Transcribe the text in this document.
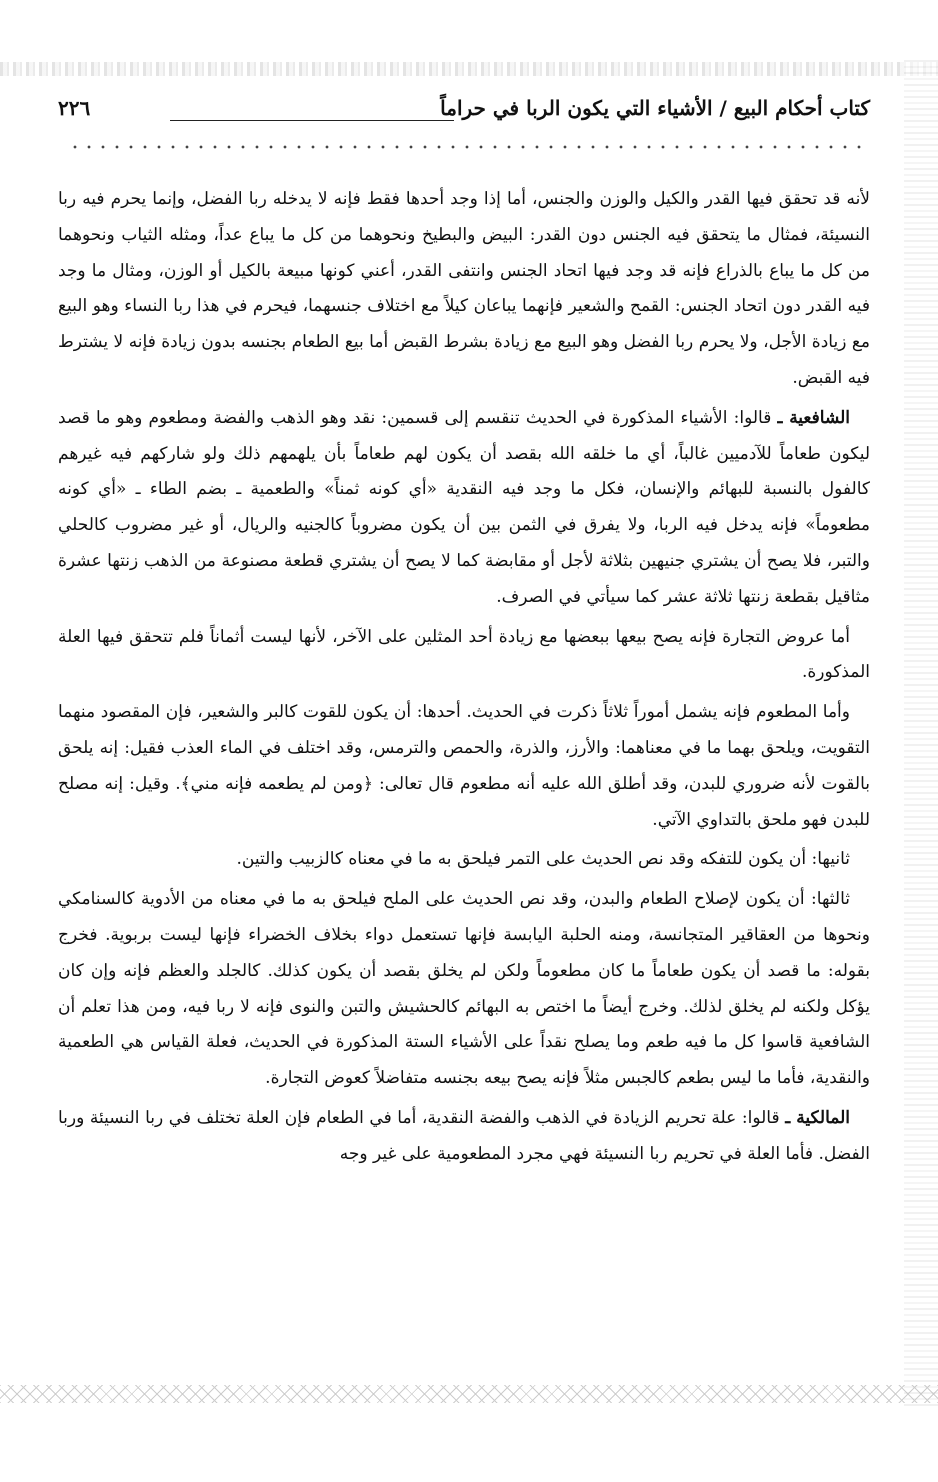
كتاب أحكام البيع / الأشياء التي يكون الربا في حراماً
٢٢٦

لأنه قد تحقق فيها القدر والكيل والوزن والجنس، أما إذا وجد أحدها فقط فإنه لا يدخله ربا الفضل، وإنما يحرم فيه ربا النسيئة، فمثال ما يتحقق فيه الجنس دون القدر: البيض والبطيخ ونحوهما من كل ما يباع عداً، ومثله الثياب ونحوهما من كل ما يباع بالذراع فإنه قد وجد فيها اتحاد الجنس وانتفى القدر، أعني كونها مبيعة بالكيل أو الوزن، ومثال ما وجد فيه القدر دون اتحاد الجنس: القمح والشعير فإنهما يباعان كيلاً مع اختلاف جنسهما، فيحرم في هذا ربا النساء وهو البيع مع زيادة الأجل، ولا يحرم ربا الفضل وهو البيع مع زيادة بشرط القبض أما بيع الطعام بجنسه بدون زيادة فإنه لا يشترط فيه القبض.

الشافعية ـ قالوا: الأشياء المذكورة في الحديث تنقسم إلى قسمين: نقد وهو الذهب والفضة ومطعوم وهو ما قصد ليكون طعاماً للآدميين غالباً، أي ما خلقه الله بقصد أن يكون لهم طعاماً بأن يلهمهم ذلك ولو شاركهم فيه غيرهم كالفول بالنسبة للبهائم والإنسان، فكل ما وجد فيه النقدية «أي كونه ثمناً» والطعمية ـ بضم الطاء ـ «أي كونه مطعوماً» فإنه يدخل فيه الربا، ولا يفرق في الثمن بين أن يكون مضروباً كالجنيه والريال، أو غير مضروب كالحلي والتبر، فلا يصح أن يشتري جنيهين بثلاثة لأجل أو مقابضة كما لا يصح أن يشتري قطعة مصنوعة من الذهب زنتها عشرة مثاقيل بقطعة زنتها ثلاثة عشر كما سيأتي في الصرف.

أما عروض التجارة فإنه يصح بيعها ببعضها مع زيادة أحد المثلين على الآخر، لأنها ليست أثماناً فلم تتحقق فيها العلة المذكورة.

وأما المطعوم فإنه يشمل أموراً ثلاثاً ذكرت في الحديث. أحدها: أن يكون للقوت كالبر والشعير، فإن المقصود منهما التقويت، ويلحق بهما ما في معناهما: والأرز، والذرة، والحمص والترمس، وقد اختلف في الماء العذب فقيل: إنه يلحق بالقوت لأنه ضروري للبدن، وقد أطلق الله عليه أنه مطعوم قال تعالى: ﴿ومن لم يطعمه فإنه مني﴾. وقيل: إنه مصلح للبدن فهو ملحق بالتداوي الآتي.

ثانيها: أن يكون للتفكه وقد نص الحديث على التمر فيلحق به ما في معناه كالزبيب والتين.

ثالثها: أن يكون لإصلاح الطعام والبدن، وقد نص الحديث على الملح فيلحق به ما في معناه من الأدوية كالسنامكي ونحوها من العقاقير المتجانسة، ومنه الحلبة اليابسة فإنها تستعمل دواء بخلاف الخضراء فإنها ليست بربوية. فخرج بقوله: ما قصد أن يكون طعاماً ما كان مطعوماً ولكن لم يخلق بقصد أن يكون كذلك. كالجلد والعظم فإنه وإن كان يؤكل ولكنه لم يخلق لذلك. وخرج أيضاً ما اختص به البهائم كالحشيش والتبن والنوى فإنه لا ربا فيه، ومن هذا تعلم أن الشافعية قاسوا كل ما فيه طعم وما يصلح نقداً على الأشياء الستة المذكورة في الحديث، فعلة القياس هي الطعمية والنقدية، فأما ما ليس بطعم كالجبس مثلاً فإنه يصح بيعه بجنسه متفاضلاً كعوض التجارة.

المالكية ـ قالوا: علة تحريم الزيادة في الذهب والفضة النقدية، أما في الطعام فإن العلة تختلف في ربا النسيئة وربا الفضل. فأما العلة في تحريم ربا النسيئة فهي مجرد المطعومية على غير وجه
